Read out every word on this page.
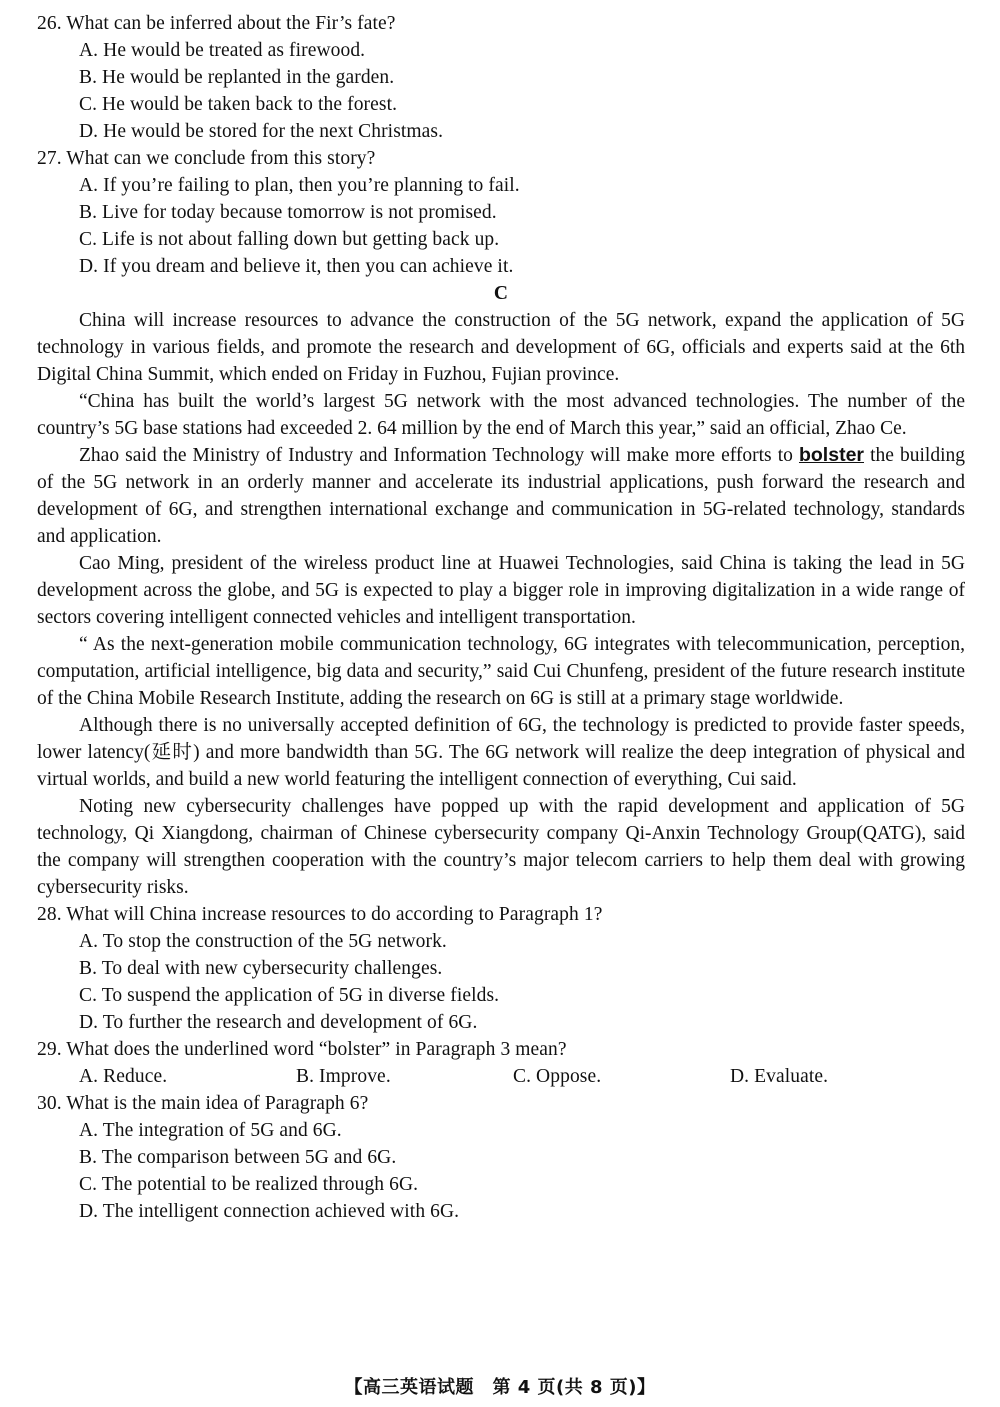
26. What can be inferred about the Fir’s fate?
A. He would be treated as firewood.
B. He would be replanted in the garden.
C. He would be taken back to the forest.
D. He would be stored for the next Christmas.
27. What can we conclude from this story?
A. If you’re failing to plan, then you’re planning to fail.
B. Live for today because tomorrow is not promised.
C. Life is not about falling down but getting back up.
D. If you dream and believe it, then you can achieve it.
C

China will increase resources to advance the construction of the 5G network, expand the application of 5G technology in various fields, and promote the research and development of 6G, officials and experts said at the 6th Digital China Summit, which ended on Friday in Fuzhou, Fujian province.

“China has built the world’s largest 5G network with the most advanced technologies. The number of the country’s 5G base stations had exceeded 2. 64 million by the end of March this year,” said an official, Zhao Ce.

Zhao said the Ministry of Industry and Information Technology will make more efforts to bolster the building of the 5G network in an orderly manner and accelerate its industrial applications, push forward the research and development of 6G, and strengthen international exchange and communication in 5G-related technology, standards and application.

Cao Ming, president of the wireless product line at Huawei Technologies, said China is taking the lead in 5G development across the globe, and 5G is expected to play a bigger role in improving digitalization in a wide range of sectors covering intelligent connected vehicles and intelligent transportation.

“ As the next-generation mobile communication technology, 6G integrates with telecommunication, perception, computation, artificial intelligence, big data and security,” said Cui Chunfeng, president of the future research institute of the China Mobile Research Institute, adding the research on 6G is still at a primary stage worldwide.

Although there is no universally accepted definition of 6G, the technology is predicted to provide faster speeds, lower latency(延时) and more bandwidth than 5G. The 6G network will realize the deep integration of physical and virtual worlds, and build a new world featuring the intelligent connection of everything, Cui said.

Noting new cybersecurity challenges have popped up with the rapid development and application of 5G technology, Qi Xiangdong, chairman of Chinese cybersecurity company Qi-Anxin Technology Group(QATG), said the company will strengthen cooperation with the country’s major telecom carriers to help them deal with growing cybersecurity risks.

28. What will China increase resources to do according to Paragraph 1?
A. To stop the construction of the 5G network.
B. To deal with new cybersecurity challenges.
C. To suspend the application of 5G in diverse fields.
D. To further the research and development of 6G.
29. What does the underlined word “bolster” in Paragraph 3 mean?
A. Reduce.	B. Improve.	C. Oppose.	D. Evaluate.
30. What is the main idea of Paragraph 6?
A. The integration of 5G and 6G.
B. The comparison between 5G and 6G.
C. The potential to be realized through 6G.
D. The intelligent connection achieved with 6G.
【高三英语试题　第 4 页(共 8 页)】
